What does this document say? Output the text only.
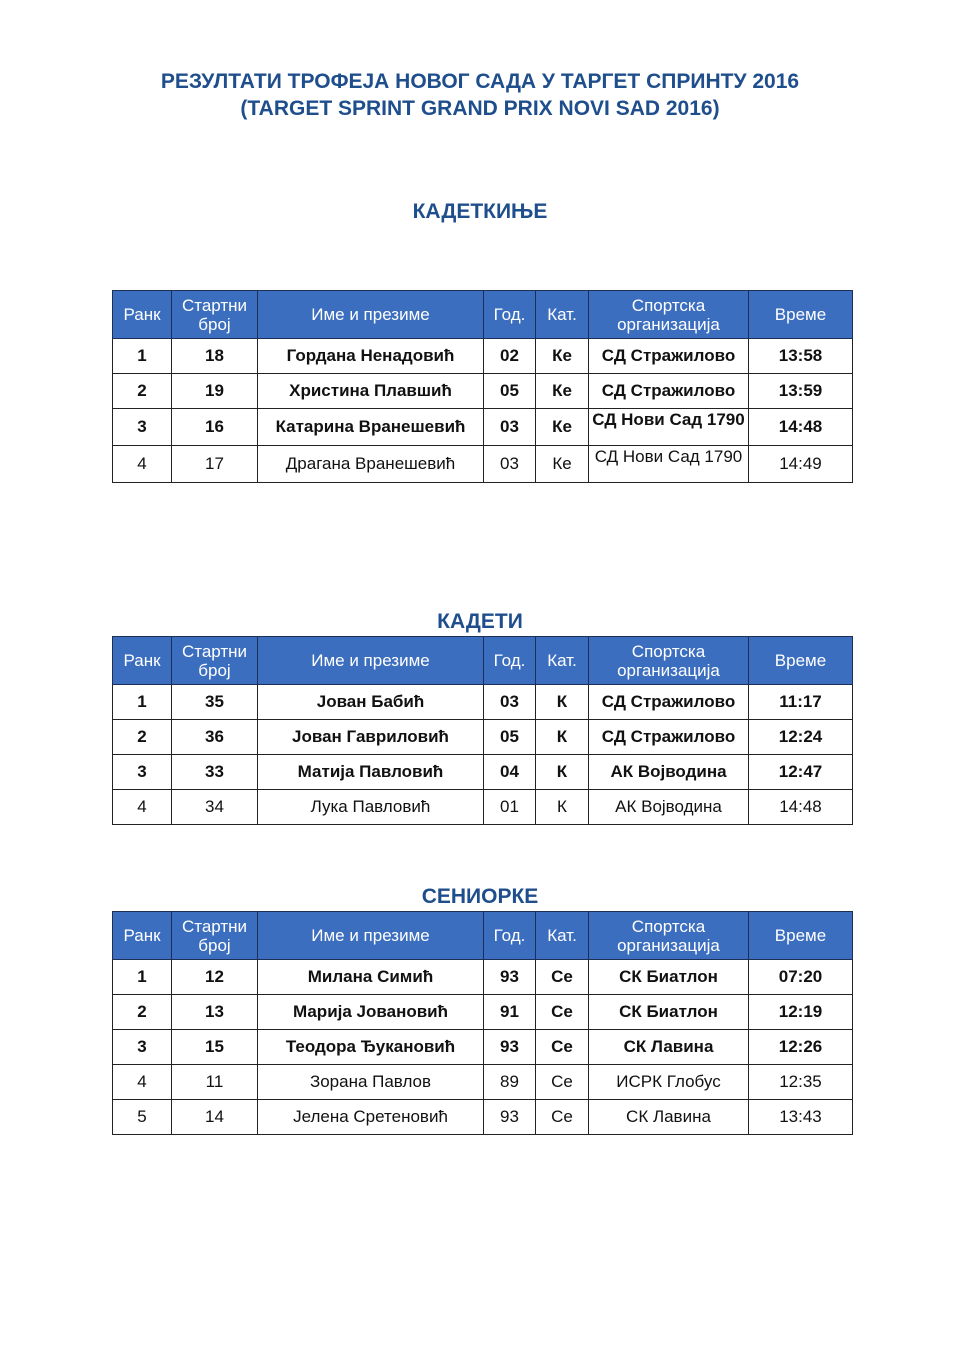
РЕЗУЛТАТИ ТРОФЕЈА НОВОГ САДА У ТАРГЕТ СПРИНТУ 2016
(TARGET SPRINT GRAND PRIX NOVI SAD 2016)
КАДЕТКИЊЕ
Ранк	Стартни број	Име и презиме	Год.	Кат.	Спортска организација	Време
1	18	Гордана Ненадовић	02	Ке	СД Стражилово	13:58
2	19	Христина Плавшић	05	Ке	СД Стражилово	13:59
3	16	Катарина Вранешевић	03	Ке	СД Нови Сад 1790	14:48
4	17	Драгана Вранешевић	03	Ке	СД Нови Сад 1790	14:49
КАДЕТИ
Ранк	Стартни број	Име и презиме	Год.	Кат.	Спортска организација	Време
1	35	Јован Бабић	03	К	СД Стражилово	11:17
2	36	Јован Гавриловић	05	К	СД Стражилово	12:24
3	33	Матија Павловић	04	К	АК Војводина	12:47
4	34	Лука Павловић	01	К	АК Војводина	14:48
СЕНИОРКЕ
Ранк	Стартни број	Име и презиме	Год.	Кат.	Спортска организација	Време
1	12	Милана Симић	93	Се	СК Биатлон	07:20
2	13	Марија Јовановић	91	Се	СК Биатлон	12:19
3	15	Теодора Ђукановић	93	Се	СК Лавина	12:26
4	11	Зорана Павлов	89	Се	ИСРК Глобус	12:35
5	14	Јелена Сретеновић	93	Се	СК Лавина	13:43
